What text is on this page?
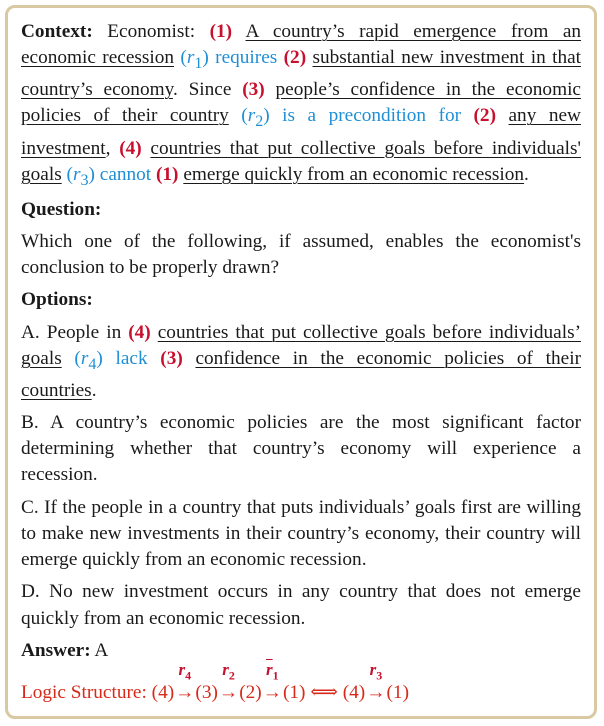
Context: Economist: (1) A country’s rapid emergence from an economic recession $(r_1)$ requires (2) substantial new investment in that country’s economy. Since (3) people’s confidence in the economic policies of their country $(r_2)$ is a precondition for (2) any new investment, (4) countries that put collective goals before individuals' goals $(r_3)$ cannot (1) emerge quickly from an economic recession.
Question:
Which one of the following, if assumed, enables the economist's conclusion to be properly drawn?
Options:
A. People in (4) countries that put collective goals before individuals’ goals $(r_4)$ lack (3) confidence in the economic policies of their countries.
B. A country’s economic policies are the most significant factor determining whether that country’s economy will experience a recession.
C. If the people in a country that puts individuals’ goals first are willing to make new investments in their country’s economy, their country will emerge quickly from an economic recession.
D. No new investment occurs in any country that does not emerge quickly from an economic recession.
Answer: A
Logic Structure: (4)
$r_4$
→(3)
$r_2$
→(2)
$\overline{r}_1$
→(1) ⟺ (4)
$r_3$
→(1)
